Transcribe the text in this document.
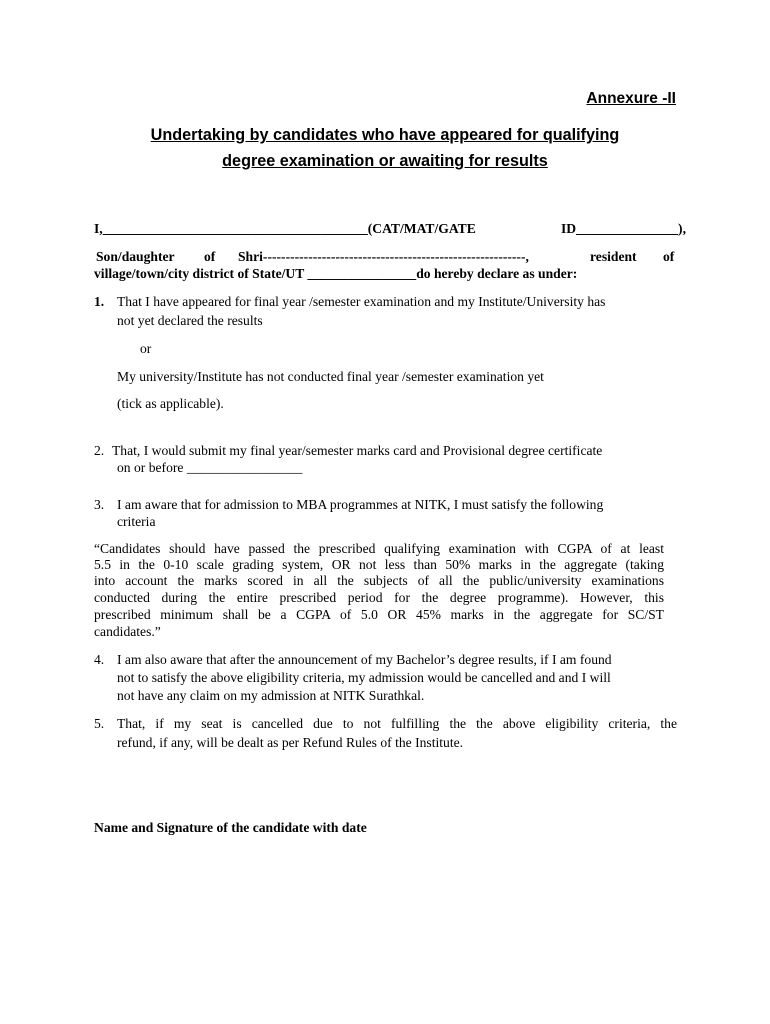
Annexure -II
Undertaking by candidates who have appeared for qualifying
degree examination or awaiting for results
I,_______________________________________(CAT/MAT/GATE ID_______________),
Son/daughter of Shri----------------------------------------------------------,	resident of
village/town/city district of State/UT ________________do hereby declare as under:
1. That I have appeared for final year /semester examination and my Institute/University has
not yet declared the results
or
My university/Institute has not conducted final year /semester examination yet
(tick as applicable).
2. That, I would submit my final year/semester marks card and Provisional degree certificate
on or before _________________
3. I am aware that for admission to MBA programmes at NITK, I must satisfy the following
criteria
“Candidates should have passed the prescribed qualifying examination with CGPA of at least
5.5 in the 0-10 scale grading system, OR not less than 50% marks in the aggregate (taking
into account the marks scored in all the subjects of all the public/university examinations
conducted during the entire prescribed period for the degree programme). However, this
prescribed minimum shall be a CGPA of 5.0 OR 45% marks in the aggregate for SC/ST
candidates.”
4. I am also aware that after the announcement of my Bachelor’s degree results, if I am found
not to satisfy the above eligibility criteria, my admission would be cancelled and and I will
not have any claim on my admission at NITK Surathkal.
5. That, if my seat is cancelled due to not fulfilling the the above eligibility criteria, the
refund, if any, will be dealt as per Refund Rules of the Institute.
Name and Signature of the candidate with date
